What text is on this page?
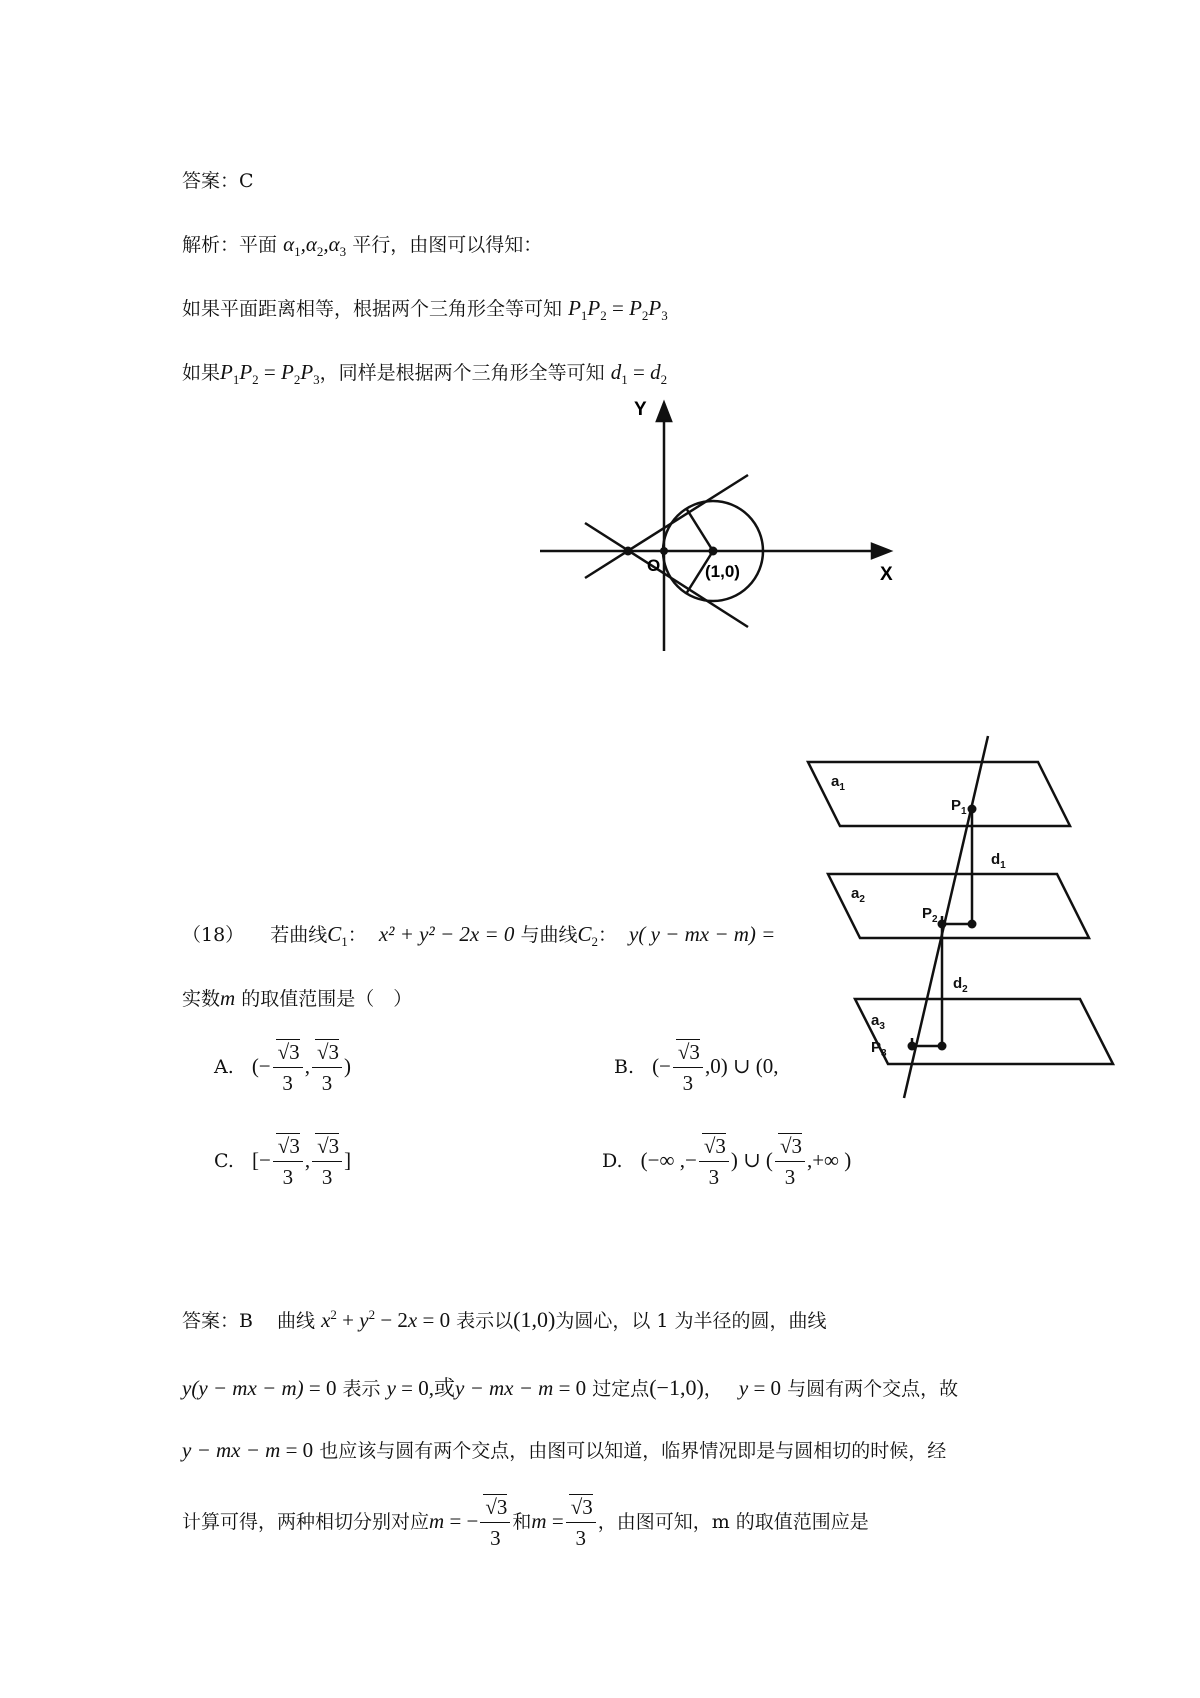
答案：C
解析：平面 $\alpha_1,\alpha_2,\alpha_3$ 平行，由图可以得知：
如果平面距离相等，根据两个三角形全等可知 $P_1P_2 = P_2P_3$
如果$P_1P_2 = P_2P_3$，同样是根据两个三角形全等可知 $d_1 = d_2$
Y
X
O	(1,0)
（18） 若曲线$C_1$： x² + y² − 2x = 0 与曲线$C_2$： y( y − mx − m) =
实数m 的取值范围是（　）
A. (− $\frac{√3}{3}$ , $\frac{√3}{3}$ )	B. (− $\frac{√3}{3} ,0$) ∪ (0,
C. [− $\frac{√3}{3}$ , $\frac{√3}{3}$ ]	D. (−∞ ,− $\frac{√3}{3}$ ) ∪ ( $\frac{√3}{3}$ ,+∞ )
$a_1$
$P_1$
$d_1$
$a_2$
$P_2$
$d_2$
$a_3$
$P_3$
答案：B 曲线 $x^2 + y^2 - 2x = 0$ 表示以(1,0)为圆心，以 1 为半径的圆，曲线
y(y − mx − m) = 0 表示 y = 0,或y − mx − m = 0 过定点(−1,0)， y = 0 与圆有两个交点，故
y − mx − m = 0 也应该与圆有两个交点，由图可以知道，临界情况即是与圆相切的时候，经
计算可得，两种相切分别对应m = − $\frac{√3}{3}$ 和$m = \frac{√3}{3}$ ，由图可知，m 的取值范围应是
